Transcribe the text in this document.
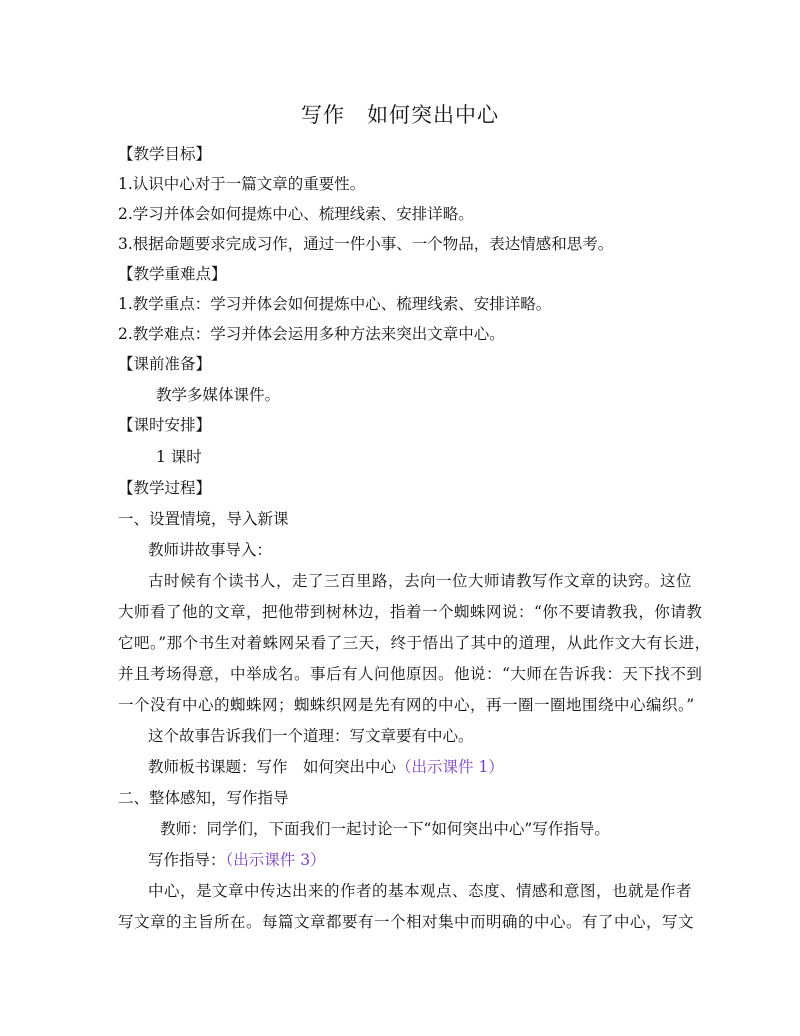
写作　如何突出中心
【教学目标】
1.认识中心对于一篇文章的重要性。
2.学习并体会如何提炼中心、梳理线索、安排详略。
3.根据命题要求完成习作，通过一件小事、一个物品，表达情感和思考。
【教学重难点】
1.教学重点：学习并体会如何提炼中心、梳理线索、安排详略。
2.教学难点：学习并体会运用多种方法来突出文章中心。
【课前准备】
教学多媒体课件。
【课时安排】
1 课时
【教学过程】
一、设置情境，导入新课
教师讲故事导入：
古时候有个读书人，走了三百里路，去向一位大师请教写作文章的诀窍。这位
大师看了他的文章，把他带到树林边，指着一个蜘蛛网说：“你不要请教我，你请教
它吧。”那个书生对着蛛网呆看了三天，终于悟出了其中的道理，从此作文大有长进，
并且考场得意，中举成名。事后有人问他原因。他说：“大师在告诉我：天下找不到
一个没有中心的蜘蛛网；蜘蛛织网是先有网的中心，再一圈一圈地围绕中心编织。”
这个故事告诉我们一个道理：写文章要有中心。
教师板书课题：写作　如何突出中心（出示课件 1）
二、整体感知，写作指导
教师：同学们，下面我们一起讨论一下“如何突出中心”写作指导。
写作指导：（出示课件 3）
中心，是文章中传达出来的作者的基本观点、态度、情感和意图，也就是作者
写文章的主旨所在。每篇文章都要有一个相对集中而明确的中心。有了中心，写文
